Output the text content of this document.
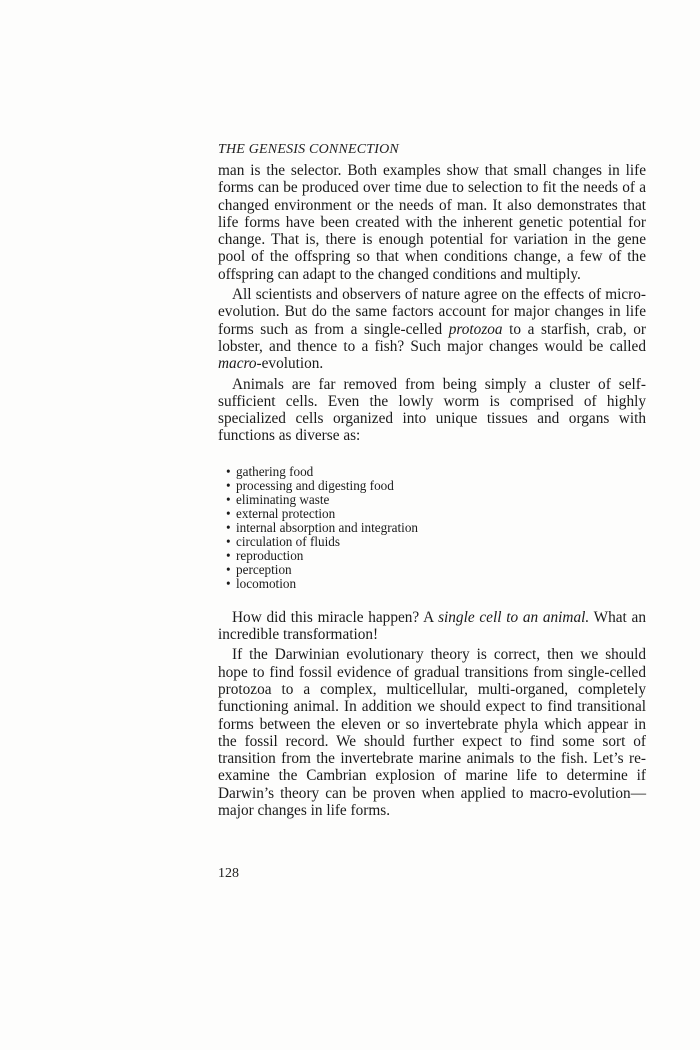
THE GENESIS CONNECTION

man is the selector. Both examples show that small changes in life forms can be produced over time due to selection to fit the needs of a changed environment or the needs of man. It also demonstrates that life forms have been created with the inherent genetic potential for change. That is, there is enough potential for variation in the gene pool of the offspring so that when conditions change, a few of the offspring can adapt to the changed conditions and multiply.

All scientists and observers of nature agree on the effects of micro-evolution. But do the same factors account for major changes in life forms such as from a single-celled protozoa to a starfish, crab, or lobster, and thence to a fish? Such major changes would be called macro-evolution.

Animals are far removed from being simply a cluster of self-sufficient cells. Even the lowly worm is comprised of highly specialized cells organized into unique tissues and organs with functions as diverse as:

• gathering food
• processing and digesting food
• eliminating waste
• external protection
• internal absorption and integration
• circulation of fluids
• reproduction
• perception
• locomotion

How did this miracle happen? A single cell to an animal. What an incredible transformation!

If the Darwinian evolutionary theory is correct, then we should hope to find fossil evidence of gradual transitions from single-celled protozoa to a complex, multicellular, multi-organed, completely functioning animal. In addition we should expect to find transitional forms between the eleven or so invertebrate phyla which appear in the fossil record. We should further expect to find some sort of transition from the invertebrate marine animals to the fish. Let’s re-examine the Cambrian explosion of marine life to determine if Darwin’s theory can be proven when applied to macro-evolution—major changes in life forms.

128
